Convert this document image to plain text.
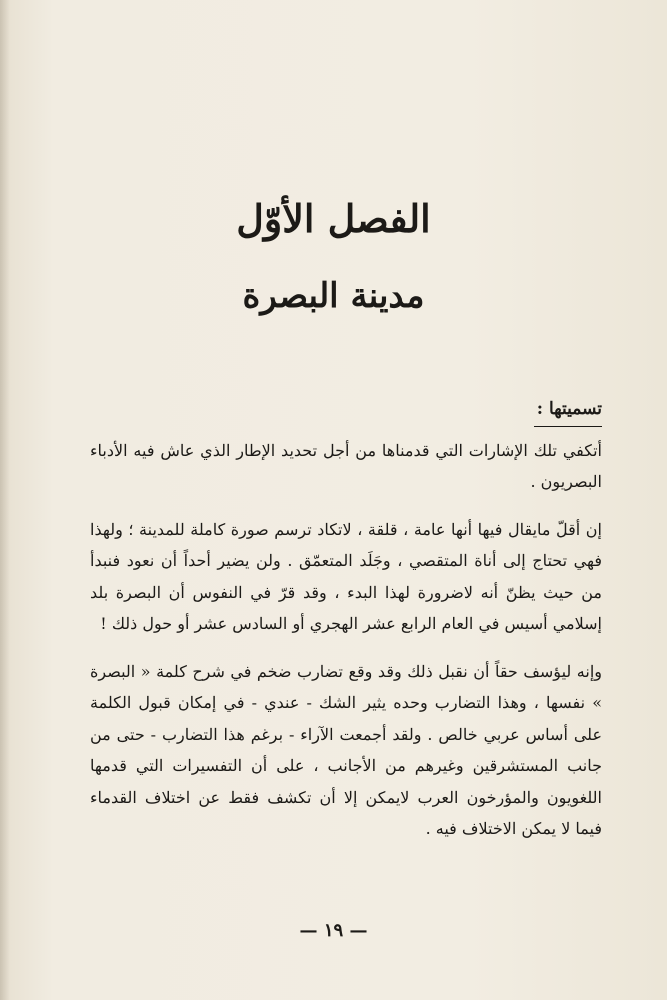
الفصل الأوّل
مدينة البصرة
تسميتها :

أتكفي تلك الإشارات التي قدمناها من أجل تحديد الإطار الذي عاش فيه الأدباء البصريون .

إن أقلّ مايقال فيها أنها عامة ، قلقة ، لاتكاد ترسم صورة كاملة للمدينة ؛ ولهذا فهي تحتاج إلى أناة المتقصي ، وجَلَد المتعمّق . ولن يضير أحداً أن نعود فنبدأ من حيث يظنّ أنه لاضرورة لهذا البدء ، وقد قرّ في النفوس أن البصرة بلد إسلامي أسيس في العام الرابع عشر الهجري أو السادس عشر أو حول ذلك !

وإنه ليؤسف حقاً أن نقبل ذلك وقد وقع تضارب ضخم في شرح كلمة « البصرة » نفسها ، وهذا التضارب وحده يثير الشك - عندي - في إمكان قبول الكلمة على أساس عربي خالص . ولقد أجمعت الآراء - برغم هذا التضارب - حتى من جانب المستشرقين وغيرهم من الأجانب ، على أن التفسيرات التي قدمها اللغويون والمؤرخون العرب لايمكن إلا أن تكشف فقط عن اختلاف القدماء فيما لا يمكن الاختلاف فيه .

— ١٩ —
